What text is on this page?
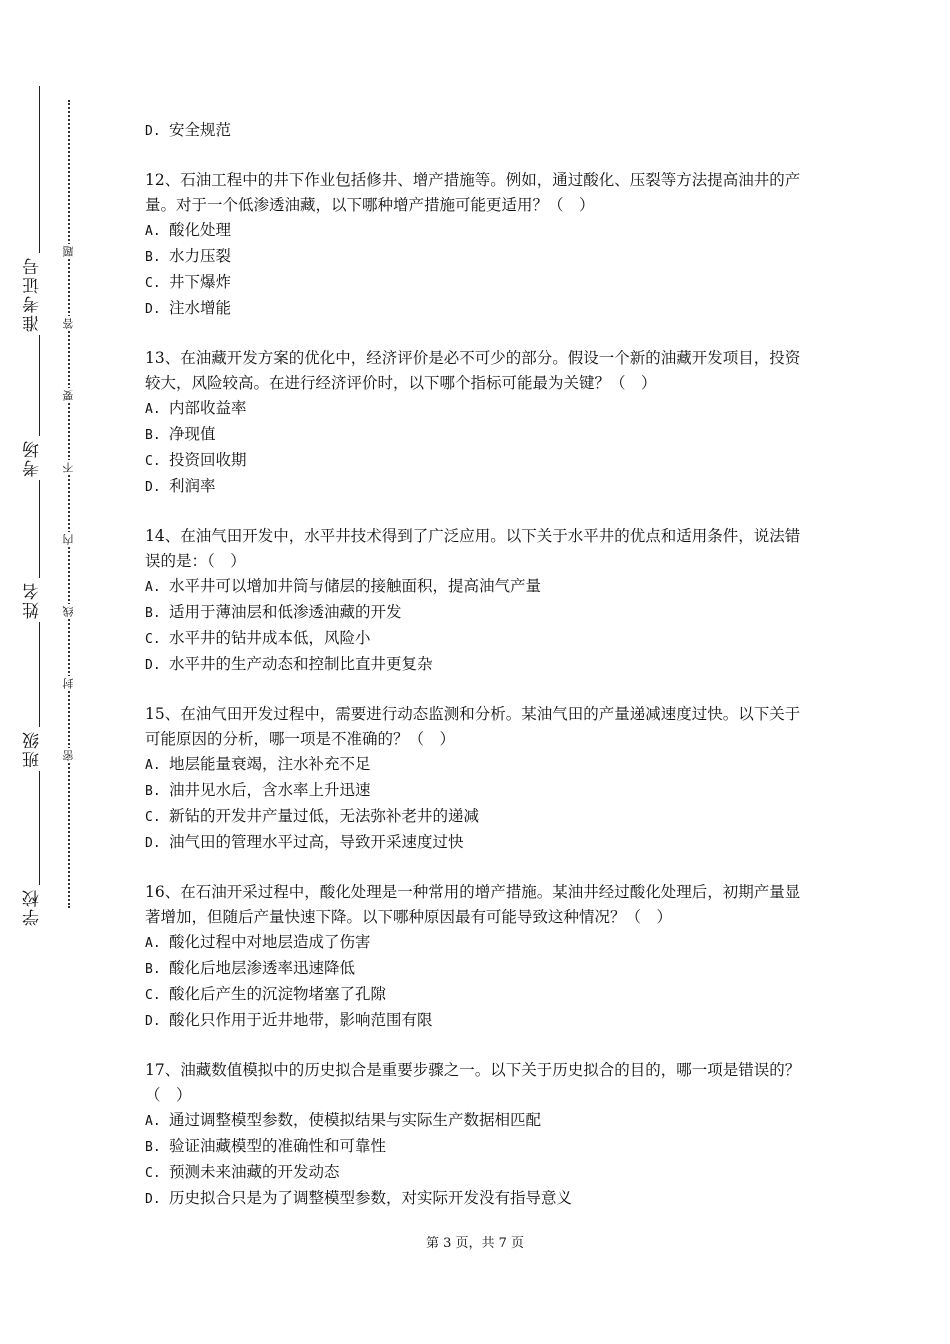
准考证号
考场
姓名
班级
学校
题
答
要
不
内
线
封
密

D. 安全规范

12、石油工程中的井下作业包括修井、增产措施等。例如，通过酸化、压裂等方法提高油井的产量。对于一个低渗透油藏，以下哪种增产措施可能更适用？（　）

A. 酸化处理

B. 水力压裂

C. 井下爆炸

D. 注水增能

13、在油藏开发方案的优化中，经济评价是必不可少的部分。假设一个新的油藏开发项目，投资较大，风险较高。在进行经济评价时，以下哪个指标可能最为关键？（　）

A. 内部收益率

B. 净现值

C. 投资回收期

D. 利润率

14、在油气田开发中，水平井技术得到了广泛应用。以下关于水平井的优点和适用条件，说法错误的是：（　）

A. 水平井可以增加井筒与储层的接触面积，提高油气产量

B. 适用于薄油层和低渗透油藏的开发

C. 水平井的钻井成本低，风险小

D. 水平井的生产动态和控制比直井更复杂

15、在油气田开发过程中，需要进行动态监测和分析。某油气田的产量递减速度过快。以下关于可能原因的分析，哪一项是不准确的？（　）

A. 地层能量衰竭，注水补充不足

B. 油井见水后，含水率上升迅速

C. 新钻的开发井产量过低，无法弥补老井的递减

D. 油气田的管理水平过高，导致开采速度过快

16、在石油开采过程中，酸化处理是一种常用的增产措施。某油井经过酸化处理后，初期产量显著增加，但随后产量快速下降。以下哪种原因最有可能导致这种情况？（　）

A. 酸化过程中对地层造成了伤害

B. 酸化后地层渗透率迅速降低

C. 酸化后产生的沉淀物堵塞了孔隙

D. 酸化只作用于近井地带，影响范围有限

17、油藏数值模拟中的历史拟合是重要步骤之一。以下关于历史拟合的目的，哪一项是错误的？（　）

A. 通过调整模型参数，使模拟结果与实际生产数据相匹配

B. 验证油藏模型的准确性和可靠性

C. 预测未来油藏的开发动态

D. 历史拟合只是为了调整模型参数，对实际开发没有指导意义

第 3 页，共 7 页
